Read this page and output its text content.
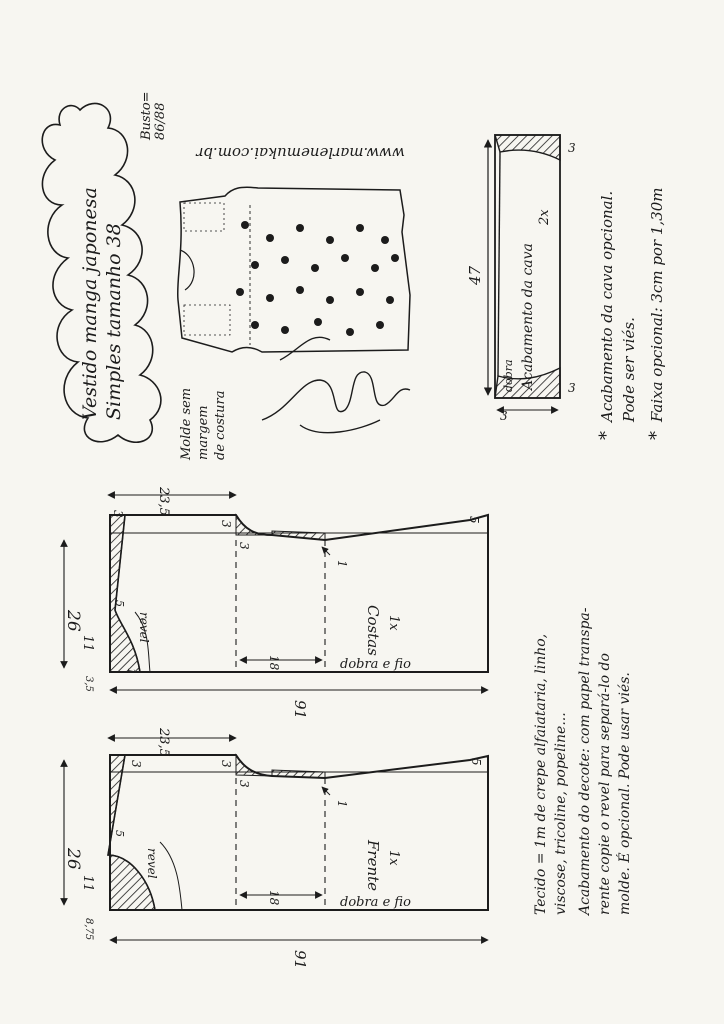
Vestido manga japonesa Simples tamanho 38
Busto= 86/88
www.marlenemukai.com.br
Molde sem margem de costura
47	Acabamento da cava
2x
dobra
3
3
3
*
Acabamento da cava opcional. Pode ser viés.
*
Faixa opcional: 3cm por 1,30m
26
23,5
91
3
3
3
5
1
11
5
1
3,5
revel
18	dobra e fio
Costas 1x
26
23,5
91
3	3
3
5
1
11
5
8,75
revel
18	dobra e fio
Frente 1x	Tecido = 1m de crepe alfaiataria, linho, viscose, tricoline, popeline... Acabamento do decote: com papel transpa- rente copie o revel para separá-lo do molde. É opcional. Pode usar viés.
